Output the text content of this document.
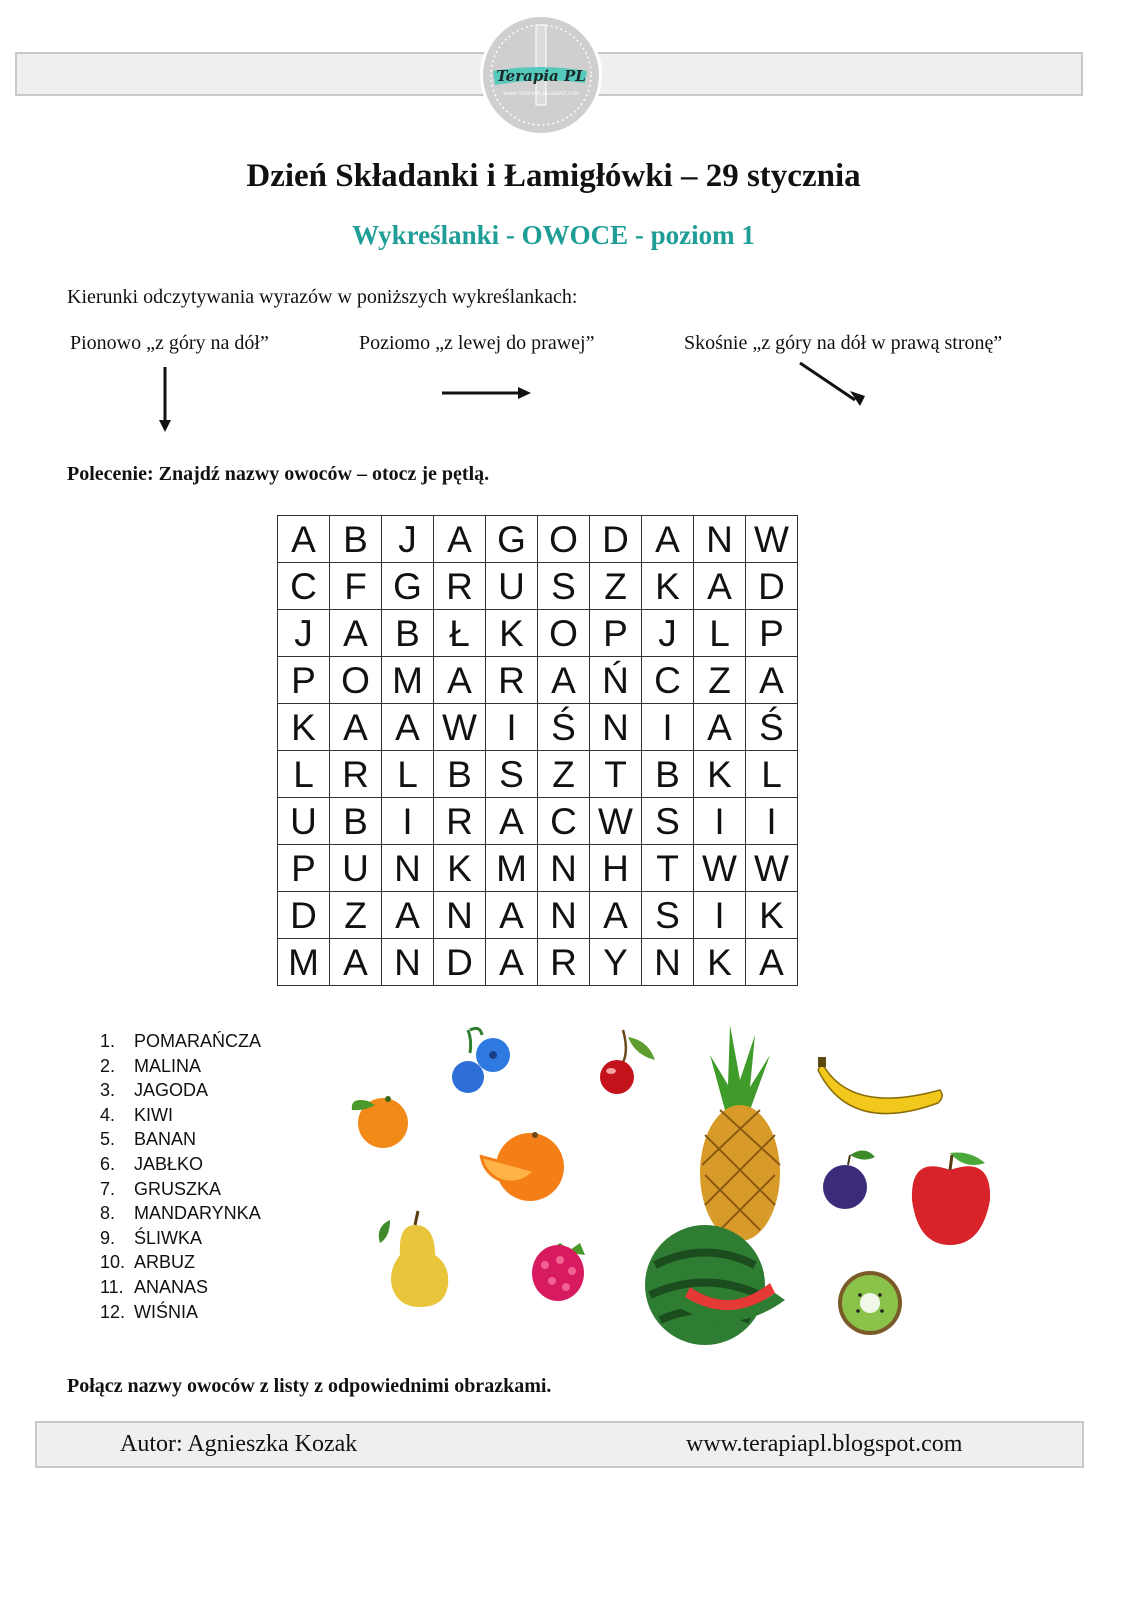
Terapia PL
WWW.TERAPIAPL.BLOGSPOT.COM
Dzień Składanki i Łamigłówki – 29 stycznia
Wykreślanki - OWOCE - poziom 1
Kierunki odczytywania wyrazów w poniższych wykreślankach:
Pionowo „z góry na dół”	Poziomo „z lewej do prawej”	Skośnie „z góry na dół w prawą stronę”
Polecenie: Znajdź nazwy owoców – otocz je pętlą.
A	B	J	A	G	O	D	A	N	W
C	F	G	R	U	S	Z	K	A	D
J	A	B	Ł	K	O	P	J	L	P
P	O	M	A	R	A	Ń	C	Z	A
K	A	A	W	I	Ś	N	I	A	Ś
L	R	L	B	S	Z	T	B	K	L
U	B	I	R	A	C	W	S	I	I
P	U	N	K	M	N	H	T	W	W
D	Z	A	N	A	N	A	S	I	K
M	A	N	D	A	R	Y	N	K	A
1.	POMARAŃCZA
2.	MALINA
3.	JAGODA
4.	KIWI
5.	BANAN
6.	JABŁKO
7.	GRUSZKA
8.	MANDARYNKA
9.	ŚLIWKA
10. ARBUZ
11. ANANAS
12. WIŚNIA
Połącz nazwy owoców z listy z odpowiednimi obrazkami.
Autor: Agnieszka Kozak	www.terapiapl.blogspot.com
